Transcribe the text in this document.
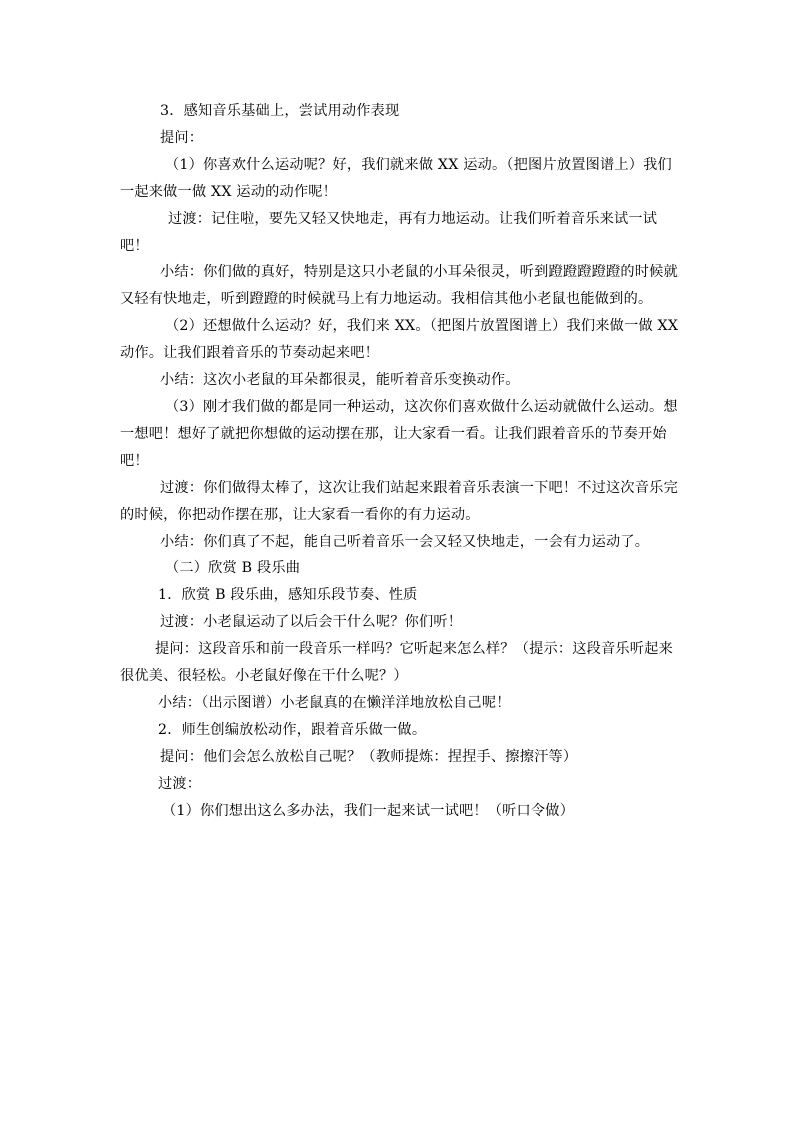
3．感知音乐基础上，尝试用动作表现

提问：

（1）你喜欢什么运动呢？好，我们就来做 XX 运动。（把图片放置图谱上）我们一起来做一做 XX 运动的动作呢！

过渡：记住啦，要先又轻又快地走，再有力地运动。让我们听着音乐来试一试吧！

小结：你们做的真好，特别是这只小老鼠的小耳朵很灵，听到蹬蹬蹬蹬蹬的时候就又轻有快地走，听到蹬蹬的时候就马上有力地运动。我相信其他小老鼠也能做到的。

（2）还想做什么运动？好，我们来 XX。（把图片放置图谱上）我们来做一做 XX 动作。让我们跟着音乐的节奏动起来吧！

小结：这次小老鼠的耳朵都很灵，能听着音乐变换动作。

（3）刚才我们做的都是同一种运动，这次你们喜欢做什么运动就做什么运动。想一想吧！想好了就把你想做的运动摆在那，让大家看一看。让我们跟着音乐的节奏开始吧！

过渡：你们做得太棒了，这次让我们站起来跟着音乐表演一下吧！不过这次音乐完的时候，你把动作摆在那，让大家看一看你的有力运动。

小结：你们真了不起，能自己听着音乐一会又轻又快地走，一会有力运动了。

（二）欣赏 B 段乐曲

1．欣赏 B 段乐曲，感知乐段节奏、性质

过渡：小老鼠运动了以后会干什么呢？你们听！

提问：这段音乐和前一段音乐一样吗？它听起来怎么样？（提示：这段音乐听起来很优美、很轻松。小老鼠好像在干什么呢？）

小结：（出示图谱）小老鼠真的在懒洋洋地放松自己呢！

2．师生创编放松动作，跟着音乐做一做。

提问：他们会怎么放松自己呢？（教师提炼：捏捏手、擦擦汗等）

过渡：

（1）你们想出这么多办法，我们一起来试一试吧！（听口令做）
